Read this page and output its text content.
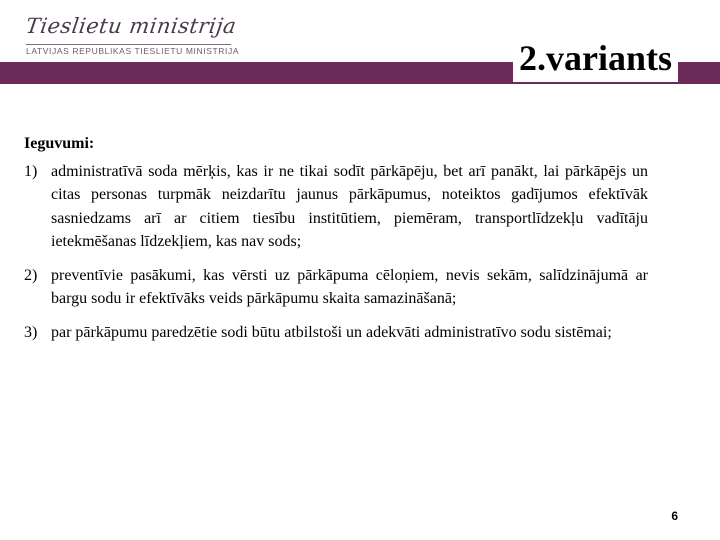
Tieslietu ministrija
LATVIJAS REPUBLIKAS TIESLIETU MINISTRIJA	2.variants

Ieguvumi:

1) administratīvā soda mērķis, kas ir ne tikai sodīt pārkāpēju, bet arī panākt, lai pārkāpējs un citas personas turpmāk neizdarītu jaunus pārkāpumus, noteiktos gadījumos efektīvāk sasniedzams arī ar citiem tiesību institūtiem, piemēram, transportlīdzekļu vadītāju ietekmēšanas līdzekļiem, kas nav sods;
2) preventīvie pasākumi, kas vērsti uz pārkāpuma cēloņiem, nevis sekām, salīdzinājumā ar bargu sodu ir efektīvāks veids pārkāpumu skaita samazināšanā;
3) par pārkāpumu paredzētie sodi būtu atbilstoši un adekvāti administratīvo sodu sistēmai;
6
